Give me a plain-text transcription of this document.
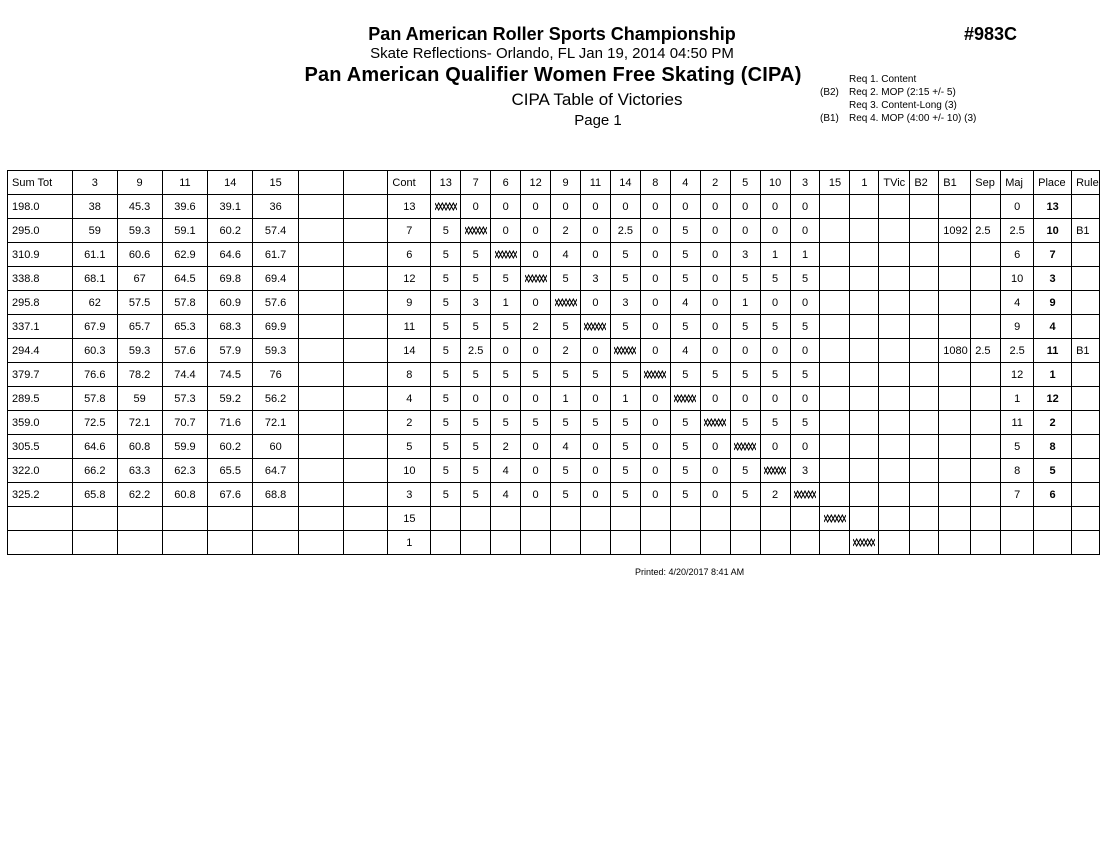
Pan American Roller Sports Championship
Skate Reflections- Orlando, FL Jan 19, 2014 04:50 PM
Pan American Qualifier Women Free Skating (CIPA)
CIPA Table of Victories
Page 1
#983C
Req 1. Content
(B2)	Req 2. MOP (2:15 +/- 5)
Req 3. Content-Long (3)
(B1)	Req 4. MOP (4:00 +/- 10) (3)
Sum Tot	3	9	11	14	15			Cont	13	7	6	12	9	11	14	8	4	2	5	10	3	15	1	TVic	B2	B1	Sep	Maj	Place	Rule
198.0	38	45.3	39.6	39.1	36			13		0	0	0	0	0	0	0	0	0	0	0	0							0	13	
295.0	59	59.3	59.1	60.2	57.4			7	5		0	0	2	0	2.5	0	5	0	0	0	0					1092	2.5	2.5	10	B1
310.9	61.1	60.6	62.9	64.6	61.7			6	5	5		0	4	0	5	0	5	0	3	1	1							6	7	
338.8	68.1	67	64.5	69.8	69.4			12	5	5	5		5	3	5	0	5	0	5	5	5							10	3	
295.8	62	57.5	57.8	60.9	57.6			9	5	3	1	0		0	3	0	4	0	1	0	0							4	9	
337.1	67.9	65.7	65.3	68.3	69.9			11	5	5	5	2	5		5	0	5	0	5	5	5							9	4	
294.4	60.3	59.3	57.6	57.9	59.3			14	5	2.5	0	0	2	0		0	4	0	0	0	0					1080	2.5	2.5	11	B1
379.7	76.6	78.2	74.4	74.5	76			8	5	5	5	5	5	5	5		5	5	5	5	5							12	1	
289.5	57.8	59	57.3	59.2	56.2			4	5	0	0	0	1	0	1	0		0	0	0	0							1	12	
359.0	72.5	72.1	70.7	71.6	72.1			2	5	5	5	5	5	5	5	0	5		5	5	5							11	2	
305.5	64.6	60.8	59.9	60.2	60			5	5	5	2	0	4	0	5	0	5	0		0	0							5	8	
322.0	66.2	63.3	62.3	65.5	64.7			10	5	5	4	0	5	0	5	0	5	0	5		3							8	5	
325.2	65.8	62.2	60.8	67.6	68.8			3	5	5	4	0	5	0	5	0	5	0	5	2								7	6	
								15														

								1															

Printed: 4/20/2017 8:41 AM
